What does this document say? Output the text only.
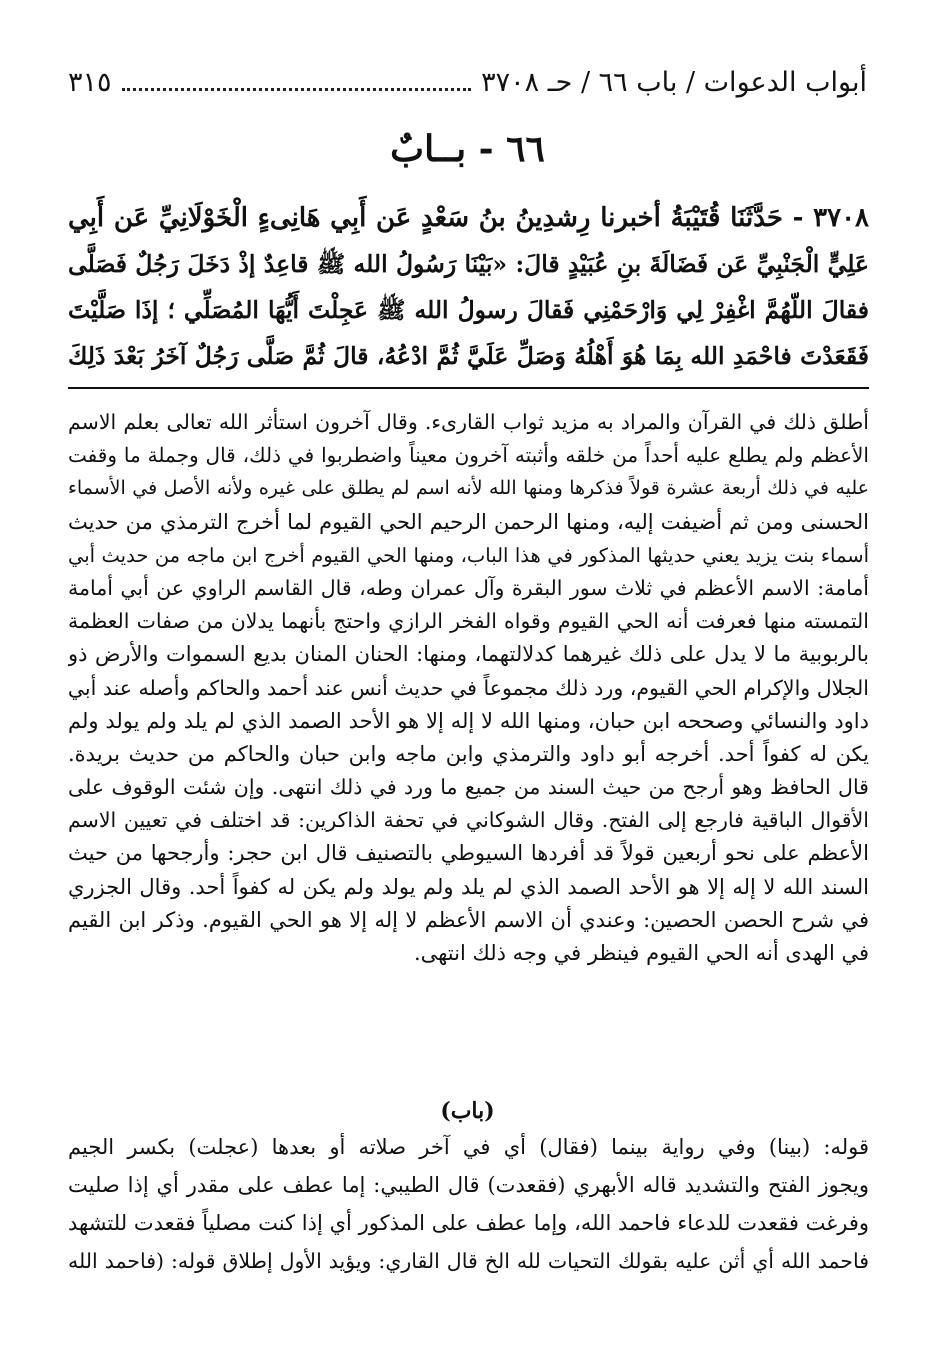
أبواب الدعوات / باب ٦٦ / حـ ٣٧٠٨
٣١٥
٦٦ - بــابٌ
٣٧٠٨ - حَدَّثَنَا قُتَيْبَةُ أخبرنا رِشدِينُ بنُ سَعْدٍ عَن أَبِي هَانِىءٍ الْخَوْلَانِيِّ عَن أَبِي
عَلِيٍّ الْجَنْبِيِّ عَن فَضَالَةَ بنِ عُبَيْدٍ قالَ: «بَيْنَا رَسُولُ الله ﷺ قاعِدٌ إذْ دَخَلَ رَجُلٌ فَصَلَّى
فقالَ اللّهُمَّ اغْفِرْ لِي وَارْحَمْنِي فَقالَ رسولُ الله ﷺ عَجِلْتَ أَيُّهَا المُصَلِّي ؛ إذَا صَلَّيْتَ
فَقَعَدْتَ فاحْمَدِ الله بِمَا هُوَ أَهْلُهُ وَصَلِّ عَلَيَّ ثُمَّ ادْعُهُ، قالَ ثُمَّ صَلَّى رَجُلٌ آخَرُ بَعْدَ ذَلِكَ
أطلق ذلك في القرآن والمراد به مزيد ثواب القارىء. وقال آخرون استأثر الله تعالى بعلم الاسم
الأعظم ولم يطلع عليه أحداً من خلقه وأثبته آخرون معيناً واضطربوا في ذلك، قال وجملة ما وقفت
عليه في ذلك أربعة عشرة قولاً فذكرها ومنها الله لأنه اسم لم يطلق على غيره ولأنه الأصل في الأسماء
الحسنى ومن ثم أضيفت إليه، ومنها الرحمن الرحيم الحي القيوم لما أخرج الترمذي من حديث
أسماء بنت يزيد يعني حديثها المذكور في هذا الباب، ومنها الحي القيوم أخرج ابن ماجه من حديث أبي
أمامة: الاسم الأعظم في ثلاث سور البقرة وآل عمران وطه، قال القاسم الراوي عن أبي أمامة
التمسته منها فعرفت أنه الحي القيوم وقواه الفخر الرازي واحتج بأنهما يدلان من صفات العظمة
بالربوبية ما لا يدل على ذلك غيرهما كدلالتهما، ومنها: الحنان المنان بديع السموات والأرض ذو
الجلال والإكرام الحي القيوم، ورد ذلك مجموعاً في حديث أنس عند أحمد والحاكم وأصله عند أبي
داود والنسائي وصححه ابن حبان، ومنها الله لا إله إلا هو الأحد الصمد الذي لم يلد ولم يولد ولم
يكن له كفواً أحد. أخرجه أبو داود والترمذي وابن ماجه وابن حبان والحاكم من حديث بريدة.
قال الحافظ وهو أرجح من حيث السند من جميع ما ورد في ذلك انتهى. وإن شئت الوقوف على
الأقوال الباقية فارجع إلى الفتح. وقال الشوكاني في تحفة الذاكرين: قد اختلف في تعيين الاسم
الأعظم على نحو أربعين قولاً قد أفردها السيوطي بالتصنيف قال ابن حجر: وأرجحها من حيث
السند الله لا إله إلا هو الأحد الصمد الذي لم يلد ولم يولد ولم يكن له كفواً أحد. وقال الجزري
في شرح الحصن الحصين: وعندي أن الاسم الأعظم لا إله إلا هو الحي القيوم. وذكر ابن القيم
في الهدى أنه الحي القيوم فينظر في وجه ذلك انتهى.
(باب)
قوله: (بينا) وفي رواية بينما (فقال) أي في آخر صلاته أو بعدها (عجلت) بكسر الجيم
ويجوز الفتح والتشديد قاله الأبهري (فقعدت) قال الطيبي: إما عطف على مقدر أي إذا صليت
وفرغت فقعدت للدعاء فاحمد الله، وإما عطف على المذكور أي إذا كنت مصلياً فقعدت للتشهد
فاحمد الله أي أثن عليه بقولك التحيات لله الخ قال القاري: ويؤيد الأول إطلاق قوله: (فاحمد الله
